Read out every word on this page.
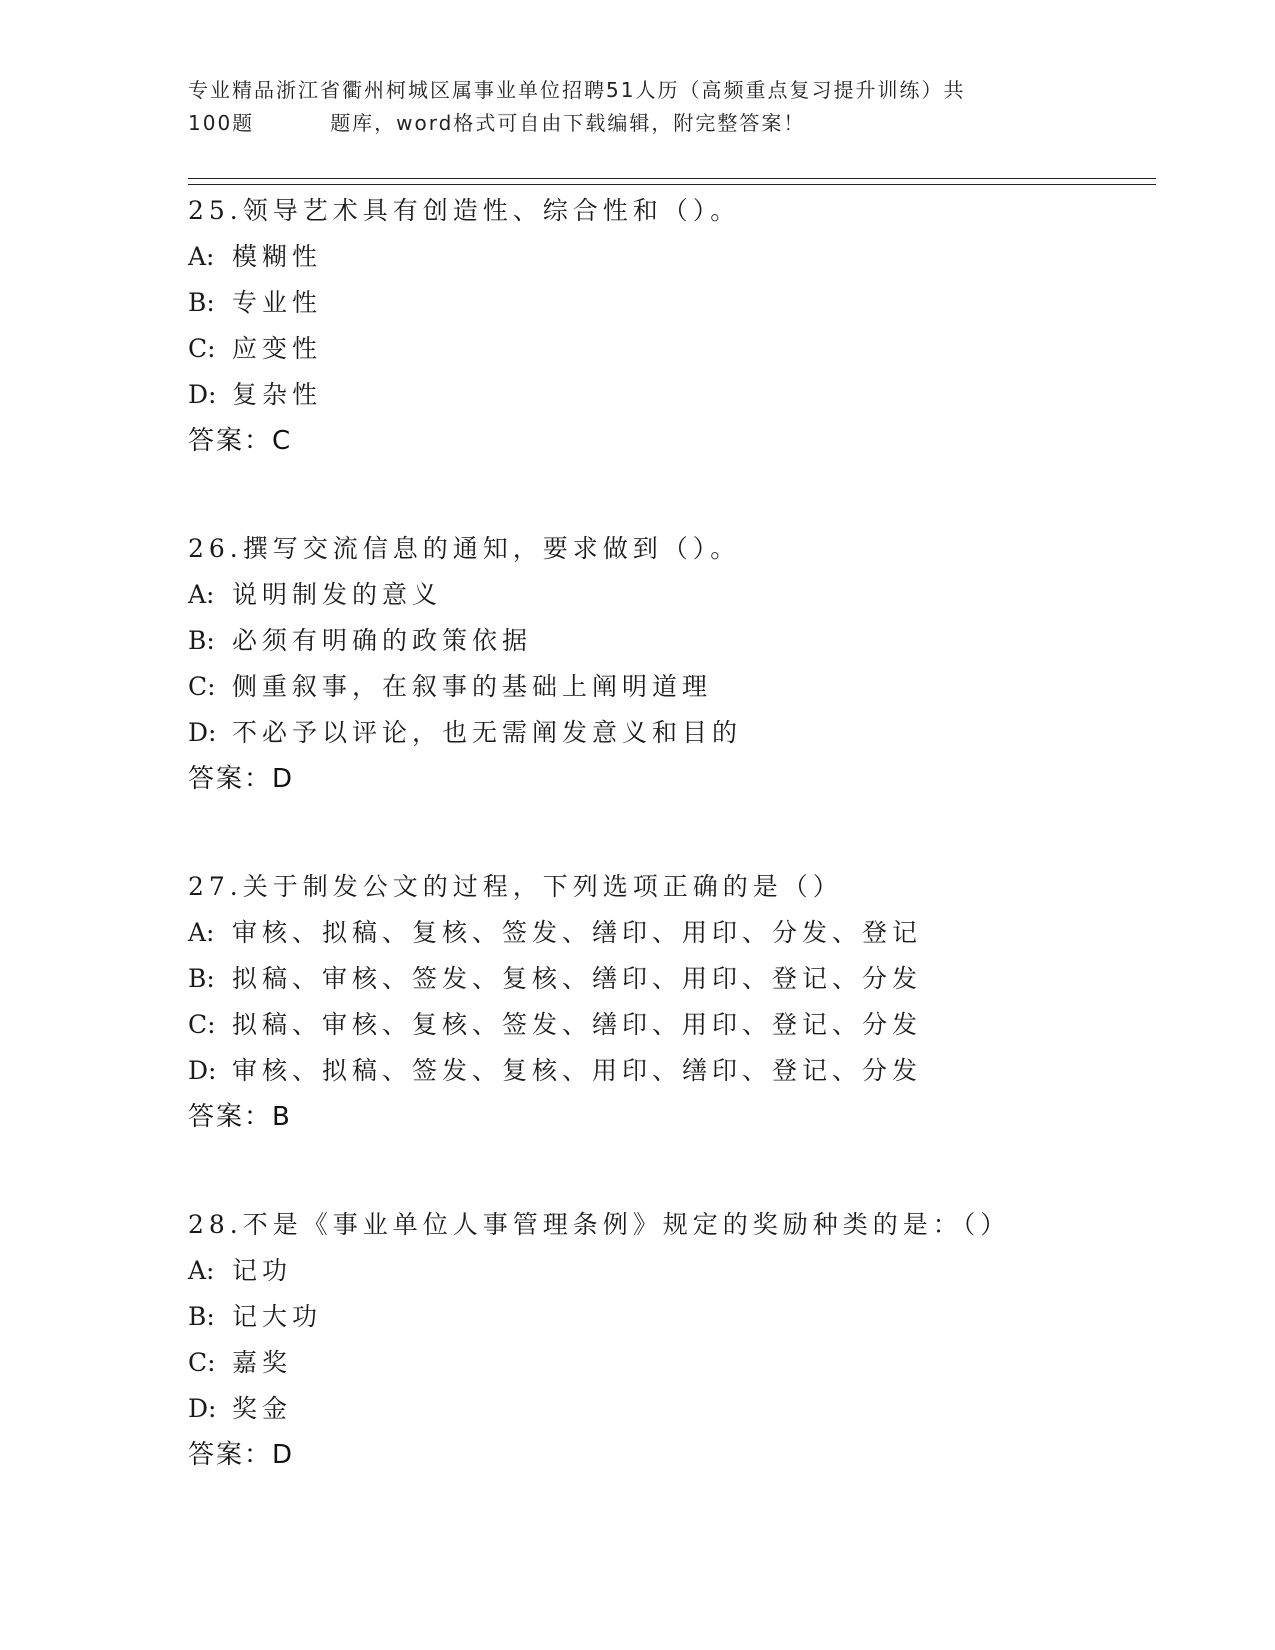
专业精品浙江省衢州柯城区属事业单位招聘51人历（高频重点复习提升训练）共
100题	题库，word格式可自由下载编辑，附完整答案！
25.领导艺术具有创造性、综合性和（）。
A: 模糊性
B: 专业性
C: 应变性
D: 复杂性
答案：C
26.撰写交流信息的通知，要求做到（）。
A: 说明制发的意义
B: 必须有明确的政策依据
C: 侧重叙事，在叙事的基础上阐明道理
D: 不必予以评论，也无需阐发意义和目的
答案：D
27.关于制发公文的过程，下列选项正确的是（）
A: 审核、拟稿、复核、签发、缮印、用印、分发、登记
B: 拟稿、审核、签发、复核、缮印、用印、登记、分发
C: 拟稿、审核、复核、签发、缮印、用印、登记、分发
D: 审核、拟稿、签发、复核、用印、缮印、登记、分发
答案：B
28.不是《事业单位人事管理条例》规定的奖励种类的是：（）
A: 记功
B: 记大功
C: 嘉奖
D: 奖金
答案：D
